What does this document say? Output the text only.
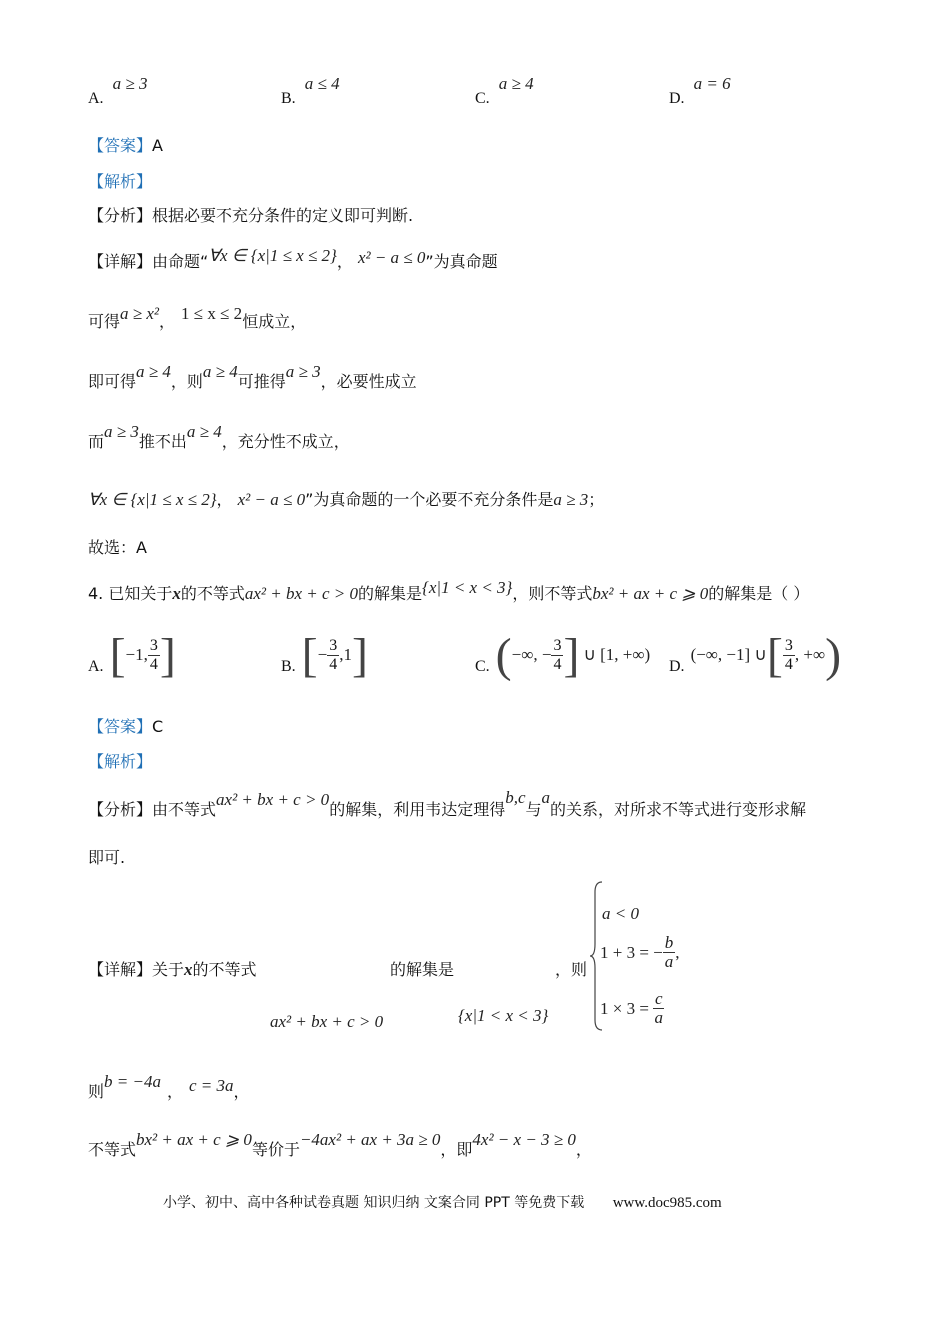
A. a ≥ 3
B. a ≤ 4
C. a ≥ 4
D. a = 6
【答案】A
【解析】
【分析】根据必要不充分条件的定义即可判断.
【详解】由命题“∀x ∈ {x|1 ≤ x ≤ 2}， x² − a ≤ 0”为真命题
可得a ≥ x²， 1 ≤ x ≤ 2恒成立，
即可得a ≥ 4，则a ≥ 4可推得a ≥ 3，必要性成立
而a ≥ 3推不出a ≥ 4，充分性不成立，
∀x ∈ {x|1 ≤ x ≤ 2}， x² − a ≤ 0”为真命题的一个必要不充分条件是a ≥ 3；
故选：A
4. 已知关于x的不等式ax² + bx + c > 0的解集是{x|1 < x < 3}，则不等式bx² + ax + c ⩾ 0的解集是（ ）
A. [ −1, $\frac{3}{4}$ ]	B. [ − $\frac{3}{4} ,1$ ]	C. ( −∞, − $\frac{3}{4}$ ] ∪ [1, +∞)
D.
(−∞, −1] ∪ [ $\frac{3}{4}$ , +∞ )
【答案】C
【解析】
【分析】由不等式ax² + bx + c > 0的解集，利用韦达定理得b,c与a的关系，对所求不等式进行变形求解
即可.
【详解】关于x的不等式	的解集是	，则
ax² + bx + c > 0	{x|1 < x < 3}
a < 0
1 + 3 = − $\frac{b}{a}$ ,
$1 \times 3 = \frac{c}{a}$
则b = −4a， c = 3a，
不等式bx² + ax + c ⩾ 0等价于−4ax² + ax + 3a ≥ 0，即4x² − x − 3 ≥ 0，
小学、初中、高中各种试卷真题 知识归纳 文案合同 PPT 等免费下载 www.doc985.com
